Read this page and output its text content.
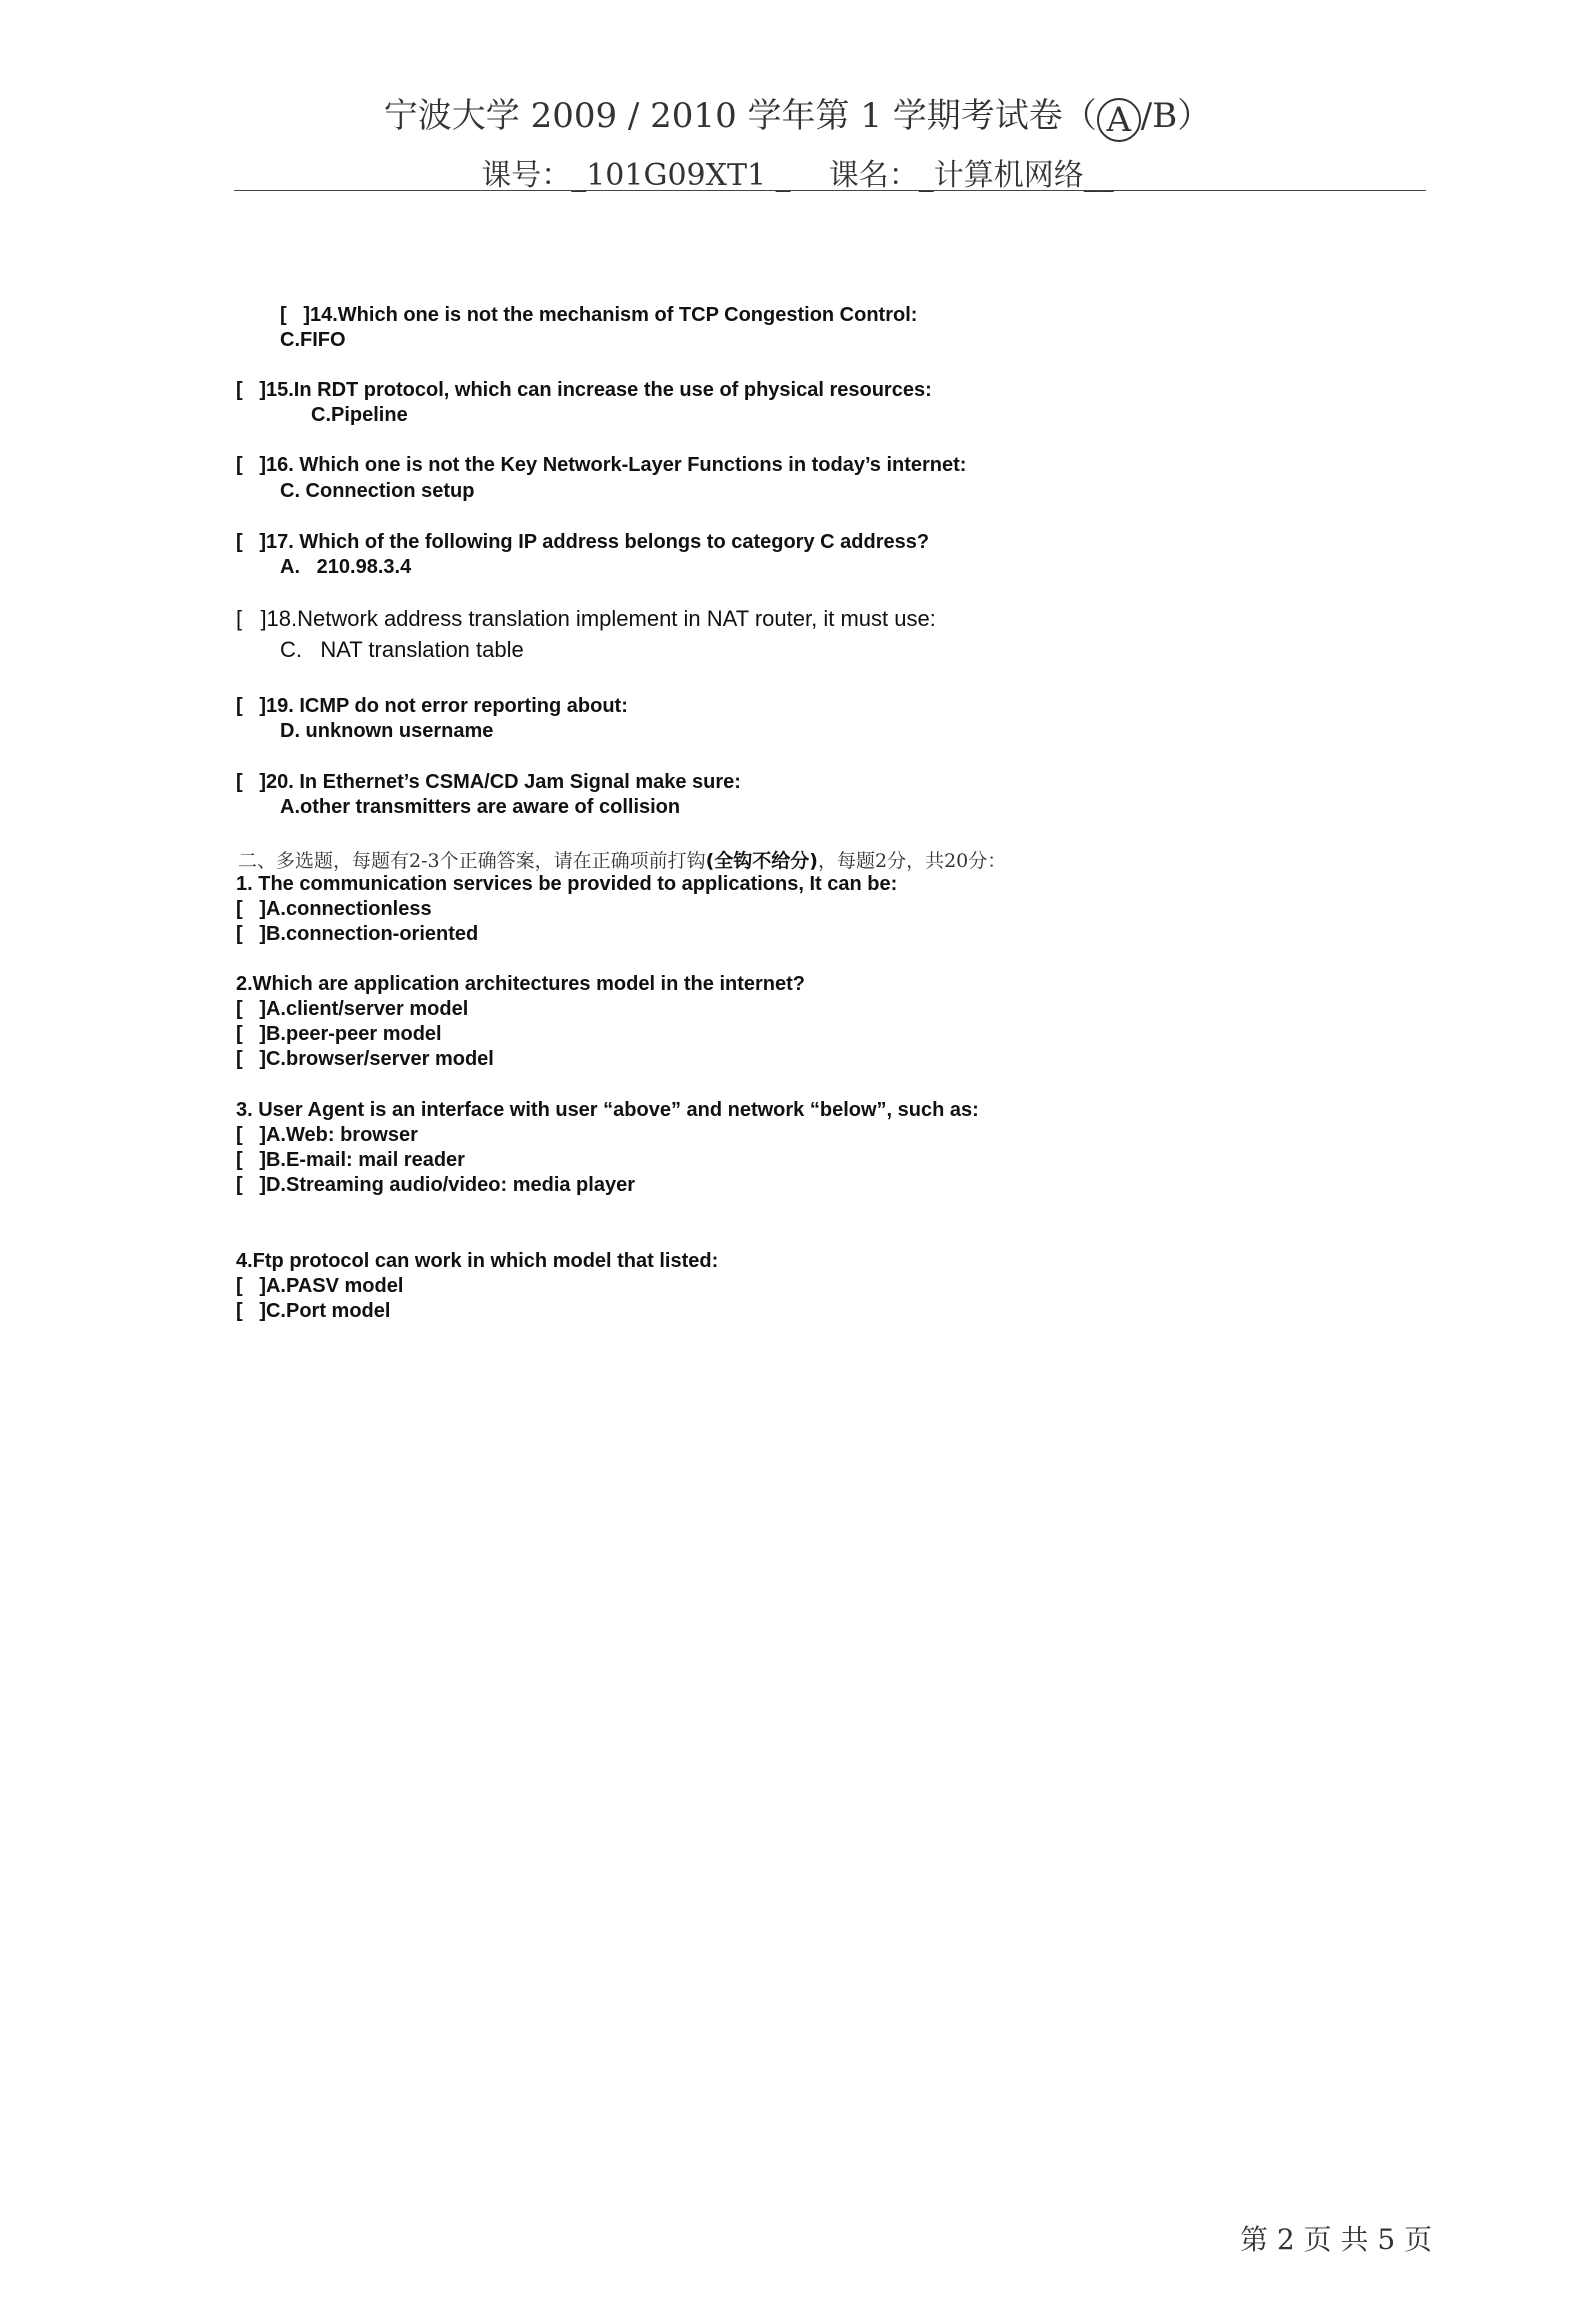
宁波大学 2009 / 2010 学年第 1 学期考试卷（ A /B）
课号：_101G09XT1 _    课名：_计算机网络__
[   ]14.Which one is not the mechanism of TCP Congestion Control:
C.FIFO
[   ]15.In RDT protocol, which can increase the use of physical resources:
C.Pipeline
[   ]16. Which one is not the Key Network-Layer Functions in today’s internet:
C. Connection setup
[   ]17. Which of the following IP address belongs to category C address?
A.   210.98.3.4
[   ]18.Network address translation implement in NAT router, it must use:
C.   NAT translation table
[   ]19. ICMP do not error reporting about:
D. unknown username
[   ]20. In Ethernet’s CSMA/CD Jam Signal make sure:
A.other transmitters are aware of collision
二、多选题，每题有2-3个正确答案，请在正确项前打钩(全钩不给分)，每题2分，共20分：
1. The communication services be provided to applications, It can be:
[   ]A.connectionless
[   ]B.connection-oriented
2.Which are application architectures model in the internet?
[   ]A.client/server model
[   ]B.peer-peer model
[   ]C.browser/server model
3. User Agent is an interface with user “above” and network “below”, such as:
[   ]A.Web: browser
[   ]B.E-mail: mail reader
[   ]D.Streaming audio/video: media player
4.Ftp protocol can work in which model that listed:
[   ]A.PASV model
[   ]C.Port model
第 2 页 共 5 页
